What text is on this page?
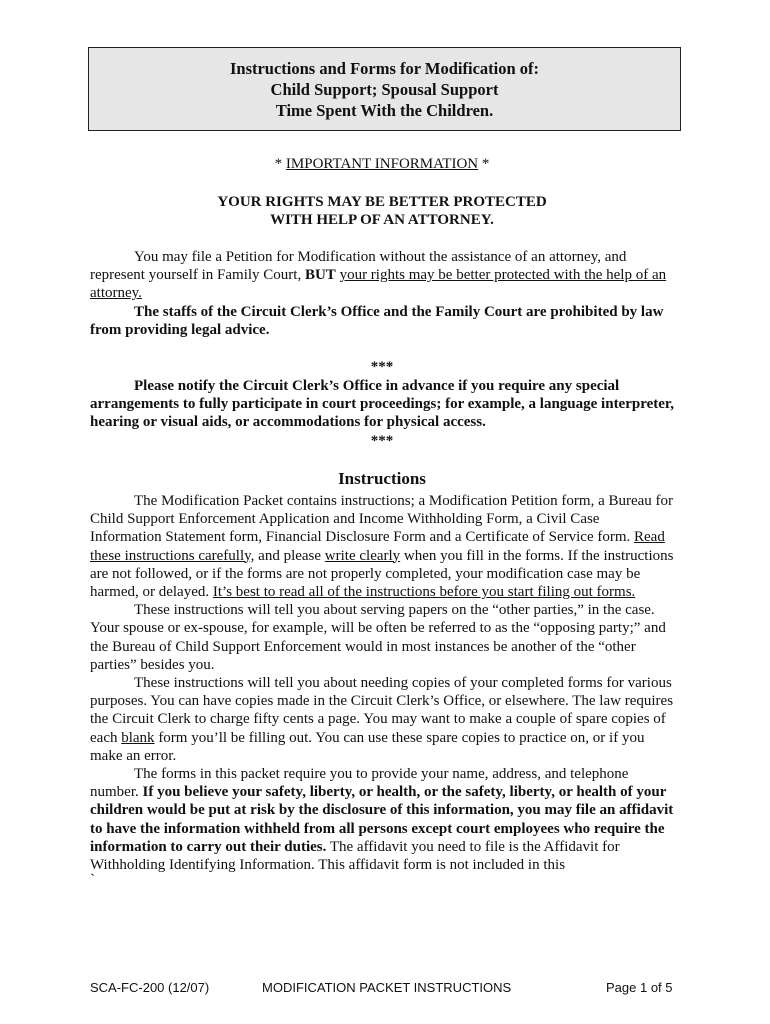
Instructions and Forms for Modification of:
Child Support; Spousal Support
Time Spent With the Children.
* IMPORTANT INFORMATION *
YOUR RIGHTS MAY BE BETTER PROTECTED
WITH HELP OF AN ATTORNEY.

You may file a Petition for Modification without the assistance of an attorney, and represent yourself in Family Court, BUT your rights may be better protected with the help of an attorney.

The staffs of the Circuit Clerk’s Office and the Family Court are prohibited by law from providing legal advice.

***

Please notify the Circuit Clerk’s Office in advance if you require any special arrangements to fully participate in court proceedings; for example, a language interpreter, hearing or visual aids, or accommodations for physical access.

***
Instructions

The Modification Packet contains instructions; a Modification Petition form, a Bureau for Child Support Enforcement Application and Income Withholding Form, a Civil Case Information Statement form, Financial Disclosure Form and a Certificate of Service form. Read these instructions carefully, and please write clearly when you fill in the forms. If the instructions are not followed, or if the forms are not properly completed, your modification case may be harmed, or delayed. It’s best to read all of the instructions before you start filing out forms.

These instructions will tell you about serving papers on the “other parties,” in the case. Your spouse or ex-spouse, for example, will be often be referred to as the “opposing party;” and the Bureau of Child Support Enforcement would in most instances be another of the “other parties” besides you.

These instructions will tell you about needing copies of your completed forms for various purposes. You can have copies made in the Circuit Clerk’s Office, or elsewhere. The law requires the Circuit Clerk to charge fifty cents a page. You may want to make a couple of spare copies of each blank form you’ll be filling out. You can use these spare copies to practice on, or if you make an error.

The forms in this packet require you to provide your name, address, and telephone number. If you believe your safety, liberty, or health, or the safety, liberty, or health of your children would be put at risk by the disclosure of this information, you may file an affidavit to have the information withheld from all persons except court employees who require the information to carry out their duties. The affidavit you need to file is the Affidavit for Withholding Identifying Information. This affidavit form is not included in this

`

SCA-FC-200 (12/07)	MODIFICATION PACKET INSTRUCTIONS	Page 1 of 5
